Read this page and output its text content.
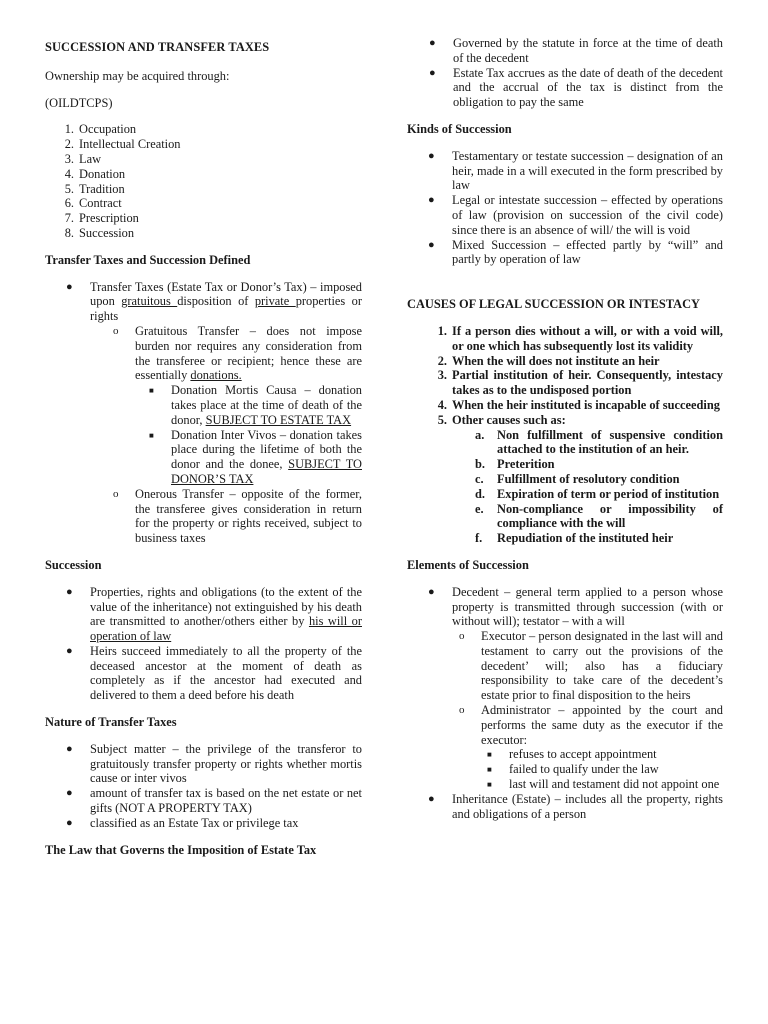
SUCCESSION AND TRANSFER TAXES

Ownership may be acquired through:

(OILDTCPS)

1. Occupation
2. Intellectual Creation
3. Law
4. Donation
5. Tradition
6. Contract
7. Prescription
8. Succession

Transfer Taxes and Succession Defined

● Transfer Taxes (Estate Tax or Donor’s Tax) – imposed upon gratuitous disposition of private properties or rights
o Gratuitous Transfer – does not impose burden nor requires any consideration from the transferee or recipient; hence these are essentially donations.
■ Donation Mortis Causa – donation takes place at the time of death of the donor, SUBJECT TO ESTATE TAX
■ Donation Inter Vivos – donation takes place during the lifetime of both the donor and the donee, SUBJECT TO DONOR’S TAX
o Onerous Transfer – opposite of the former, the transferee gives consideration in return for the property or rights received, subject to business taxes

Succession

● Properties, rights and obligations (to the extent of the value of the inheritance) not extinguished by his death are transmitted to another/others either by his will or operation of law
● Heirs succeed immediately to all the property of the deceased ancestor at the moment of death as completely as if the ancestor had executed and delivered to them a deed before his death

Nature of Transfer Taxes

● Subject matter – the privilege of the transferor to gratuitously transfer property or rights whether mortis cause or inter vivos
● amount of transfer tax is based on the net estate or net gifts (NOT A PROPERTY TAX)
● classified as an Estate Tax or privilege tax

The Law that Governs the Imposition of Estate Tax

● Governed by the statute in force at the time of death of the decedent
● Estate Tax accrues as the date of death of the decedent and the accrual of the tax is distinct from the obligation to pay the same

Kinds of Succession

● Testamentary or testate succession – designation of an heir, made in a will executed in the form prescribed by law
● Legal or intestate succession – effected by operations of law (provision on succession of the civil code) since there is an absence of will/ the will is void
● Mixed Succession – effected partly by “will” and partly by operation of law

CAUSES OF LEGAL SUCCESSION OR INTESTACY

1. If a person dies without a will, or with a void will, or one which has subsequently lost its validity
2. When the will does not institute an heir
3. Partial institution of heir. Consequently, intestacy takes as to the undisposed portion
4. When the heir instituted is incapable of succeeding
5. Other causes such as:
a.	Non fulfillment of suspensive condition attached to the institution of an heir.
b. Preterition
c.	Fulfillment of resolutory condition
d. Expiration of term or period of institution
e.	Non-compliance or impossibility of compliance with the will
f.	Repudiation of the instituted heir

Elements of Succession

● Decedent – general term applied to a person whose property is transmitted through succession (with or without will); testator – with a will
o Executor – person designated in the last will and testament to carry out the provisions of the decedent’ will; also has a fiduciary responsibility to take care of the decedent’s estate prior to final disposition to the heirs
o Administrator – appointed by the court and performs the same duty as the executor if the executor:
■ refuses to accept appointment
■ failed to qualify under the law
■ last will and testament did not appoint one
● Inheritance (Estate) – includes all the property, rights and obligations of a person
